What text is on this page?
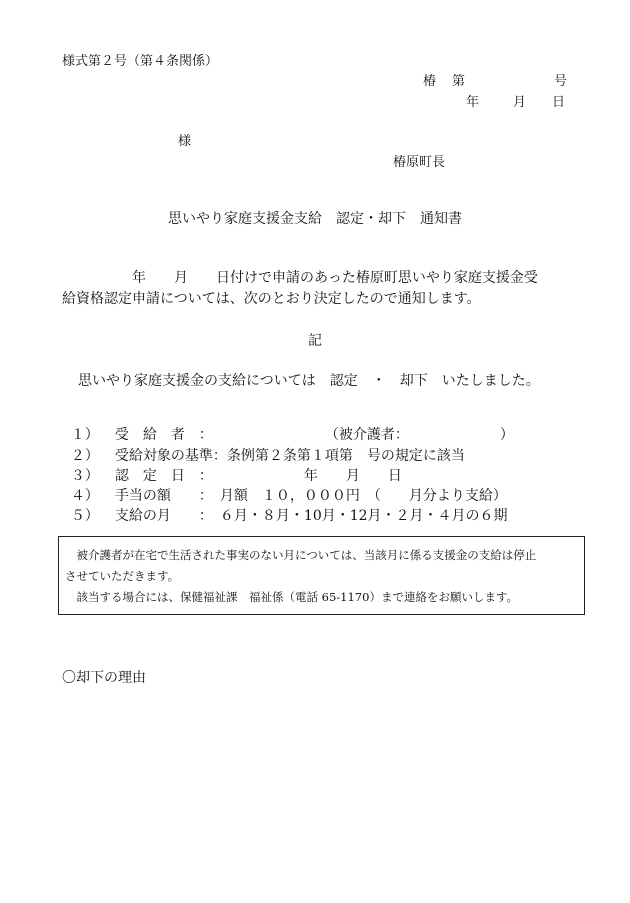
様式第２号（第４条関係）
椿 第	号
年	月 日
様
椿原町長
思いやり家庭支援金支給　認定・却下　通知書
　　　　　年　　月　　日付けで申請のあった椿原町思いやり家庭支援金受
給資格認定申請については、次のとおり決定したので通知します。
記
思いやり家庭支援金の支給については　認定　・　却下　いたしました。

１） 受　給　者　：　　　　　　　　　（被介護者：　　　　　　　）

２） 受給対象の基準：条例第２条第１項第　号の規定に該当

３） 認　定　日　：　　　　　　　年　　月　　日

４） 手当の額　　：　月額　１０，０００円　（　　月分より支給）

５） 支給の月　　：　６月・８月・10月・12月・２月・４月の６期

　被介護者が在宅で生活された事実のない月については、当該月に係る支援金の支給は停止

させていただきます。

　該当する場合には、保健福祉課　福祉係（電話 65-1170）まで連絡をお願いします。

〇却下の理由
